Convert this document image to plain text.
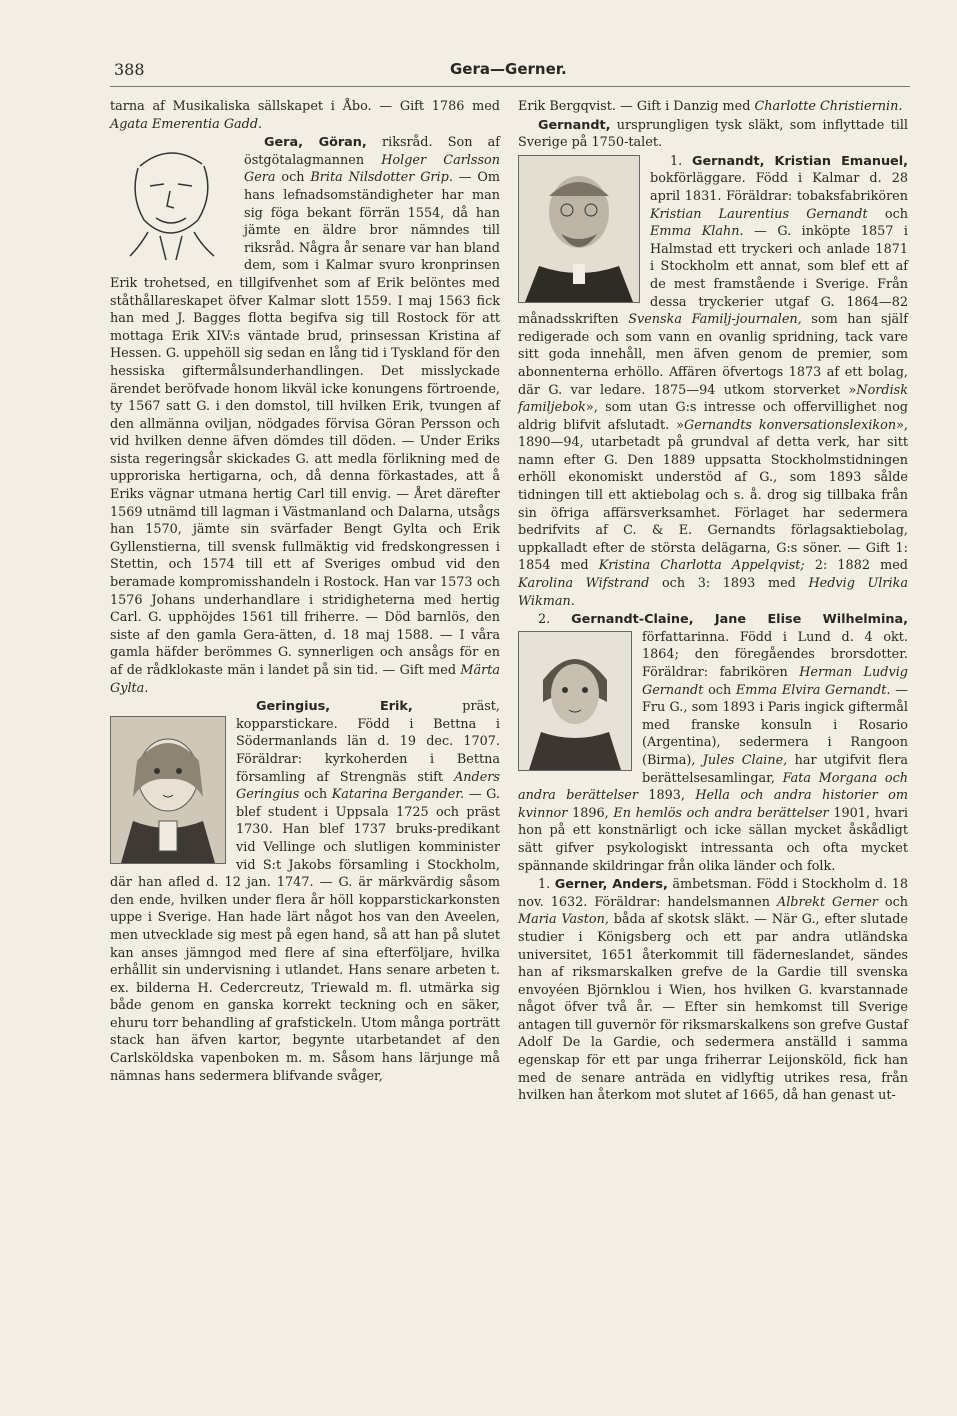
388	Gera—Gerner.

tarna af Musikaliska sällskapet i Åbo. — Gift 1786 med Agata Emerentia Gadd.

Gera, Göran, riksråd. Son af östgötalagmannen Holger Carlsson Gera och Brita Nilsdotter Grip. — Om hans lefnadsomständigheter har man sig föga bekant förrän 1554, då han jämte en äldre bror nämndes till riksråd. Några år senare var han bland dem, som i Kalmar svuro kronprinsen Erik trohetsed, en tillgifvenhet som af Erik belöntes med ståthållareskapet öfver Kalmar slott 1559. I maj 1563 fick han med J. Bagges flotta begifva sig till Rostock för att mottaga Erik XIV:s väntade brud, prinsessan Kristina af Hessen. G. uppehöll sig sedan en lång tid i Tyskland för den hessiska giftermålsunderhandlingen. Det misslyckade ärendet beröfvade honom likväl icke konungens förtroende, ty 1567 satt G. i den domstol, till hvilken Erik, tvungen af den allmänna oviljan, nödgades förvisa Göran Persson och vid hvilken denne äfven dömdes till döden. — Under Eriks sista regeringsår skickades G. att medla förlikning med de upproriska hertigarna, och, då denna förkastades, att å Eriks vägnar utmana hertig Carl till envig. — Året därefter 1569 utnämd till lagman i Västmanland och Dalarna, utsågs han 1570, jämte sin svärfader Bengt Gylta och Erik Gyllenstierna, till svensk fullmäktig vid fredskongressen i Stettin, och 1574 till ett af Sveriges ombud vid den beramade kompromisshandeln i Rostock. Han var 1573 och 1576 Johans underhandlare i stridigheterna med hertig Carl. G. upphöjdes 1561 till friherre. — Död barnlös, den siste af den gamla Gera-ätten, d. 18 maj 1588. — I våra gamla häfder berömmes G. synnerligen och ansågs för en af de rådklokaste män i landet på sin tid. — Gift med Märta Gylta.

Geringius, Erik, präst, kopparstickare. Född i Bettna i Södermanlands län d. 19 dec. 1707. Föräldrar: kyrkoherden i Bettna församling af Strengnäs stift Anders Geringius och Katarina Bergander. — G. blef student i Uppsala 1725 och präst 1730. Han blef 1737 bruks-predikant vid Vellinge och slutligen komminister vid S:t Jakobs församling i Stockholm, där han afled d. 12 jan. 1747. — G. är märkvärdig såsom den ende, hvilken under flera år höll kopparstickarkonsten uppe i Sverige. Han hade lärt något hos van den Aveelen, men utvecklade sig mest på egen hand, så att han på slutet kan anses jämngod med flere af sina efterföljare, hvilka erhållit sin undervisning i utlandet. Hans senare arbeten t. ex. bilderna H. Cedercreutz, Triewald m. fl. utmärka sig både genom en ganska korrekt teckning och en säker, ehuru torr behandling af grafstickeln. Utom många porträtt stack han äfven kartor, begynte utarbetandet af den Carlsköldska vapenboken m. m. Såsom hans lärjunge må nämnas hans sedermera blifvande svåger,

Erik Bergqvist. — Gift i Danzig med Charlotte Christiernin.

Gernandt, ursprungligen tysk släkt, som inflyttade till Sverige på 1750-talet.

1. Gernandt, Kristian Emanuel,
bokförläggare. Född i Kalmar d. 28 april 1831. Föräldrar: tobaksfabrikören Kristian Laurentius Gernandt och Emma Klahn. — G. inköpte 1857 i Halmstad ett tryckeri och anlade 1871 i Stockholm ett annat, som blef ett af de mest framstående i Sverige. Från dessa tryckerier utgaf G. 1864—82 månadsskriften Svenska Familj-journalen, som han själf redigerade och som vann en ovanlig spridning, tack vare sitt goda innehåll, men äfven genom de premier, som abonnenterna erhöllo. Affären öfvertogs 1873 af ett bolag, där G. var ledare. 1875—94 utkom storverket »Nordisk familjebok», som utan G:s intresse och offervillighet nog aldrig blifvit afslutadt. »Gernandts konversationslexikon», 1890—94, utarbetadt på grundval af detta verk, har sitt namn efter G. Den 1889 uppsatta Stockholmstidningen erhöll ekonomiskt understöd af G., som 1893 sålde tidningen till ett aktiebolag och s. å. drog sig tillbaka från sin öfriga affärsverksamhet. Förlaget har sedermera bedrifvits af C. & E. Gernandts förlagsaktiebolag, uppkalladt efter de största delägarna, G:s söner. — Gift 1: 1854 med Kristina Charlotta Appelqvist; 2: 1882 med Karolina Wifstrand och 3: 1893 med Hedvig Ulrika Wikman.

2. Gernandt-Claine, Jane Elise Wilhelmina,
författarinna. Född i Lund d. 4 okt. 1864; den föregåendes brorsdotter. Föräldrar: fabrikören Herman Ludvig Gernandt och Emma Elvira Gernandt. — Fru G., som 1893 i Paris ingick giftermål med franske konsuln i Rosario (Argentina), sedermera i Rangoon (Birma), Jules Claine, har utgifvit flera berättelsesamlingar, Fata Morgana och andra berättelser 1893, Hella och andra historier om kvinnor 1896, En hemlös och andra berättelser 1901, hvari hon på ett konstnärligt och icke sällan mycket åskådligt sätt gifver psykologiskt intressanta och ofta mycket spännande skildringar från olika länder och folk.

1. Gerner, Anders, ämbetsman. Född i Stockholm d. 18 nov. 1632. Föräldrar: handelsmannen Albrekt Gerner och Maria Vaston, båda af skotsk släkt. — När G., efter slutade studier i Königsberg och ett par andra utländska universitet, 1651 återkommit till fäderneslandet, sändes han af riksmarskalken grefve de la Gardie till svenska envoyéen Björnklou i Wien, hos hvilken G. kvarstannade något öfver två år. — Efter sin hemkomst till Sverige antagen till guvernör för riksmarskalkens son grefve Gustaf Adolf De la Gardie, och sedermera anställd i samma egenskap för ett par unga friherrar Leijonsköld, fick han med de senare anträda en vidlyftig utrikes resa, från hvilken han återkom mot slutet af 1665, då han genast ut-
